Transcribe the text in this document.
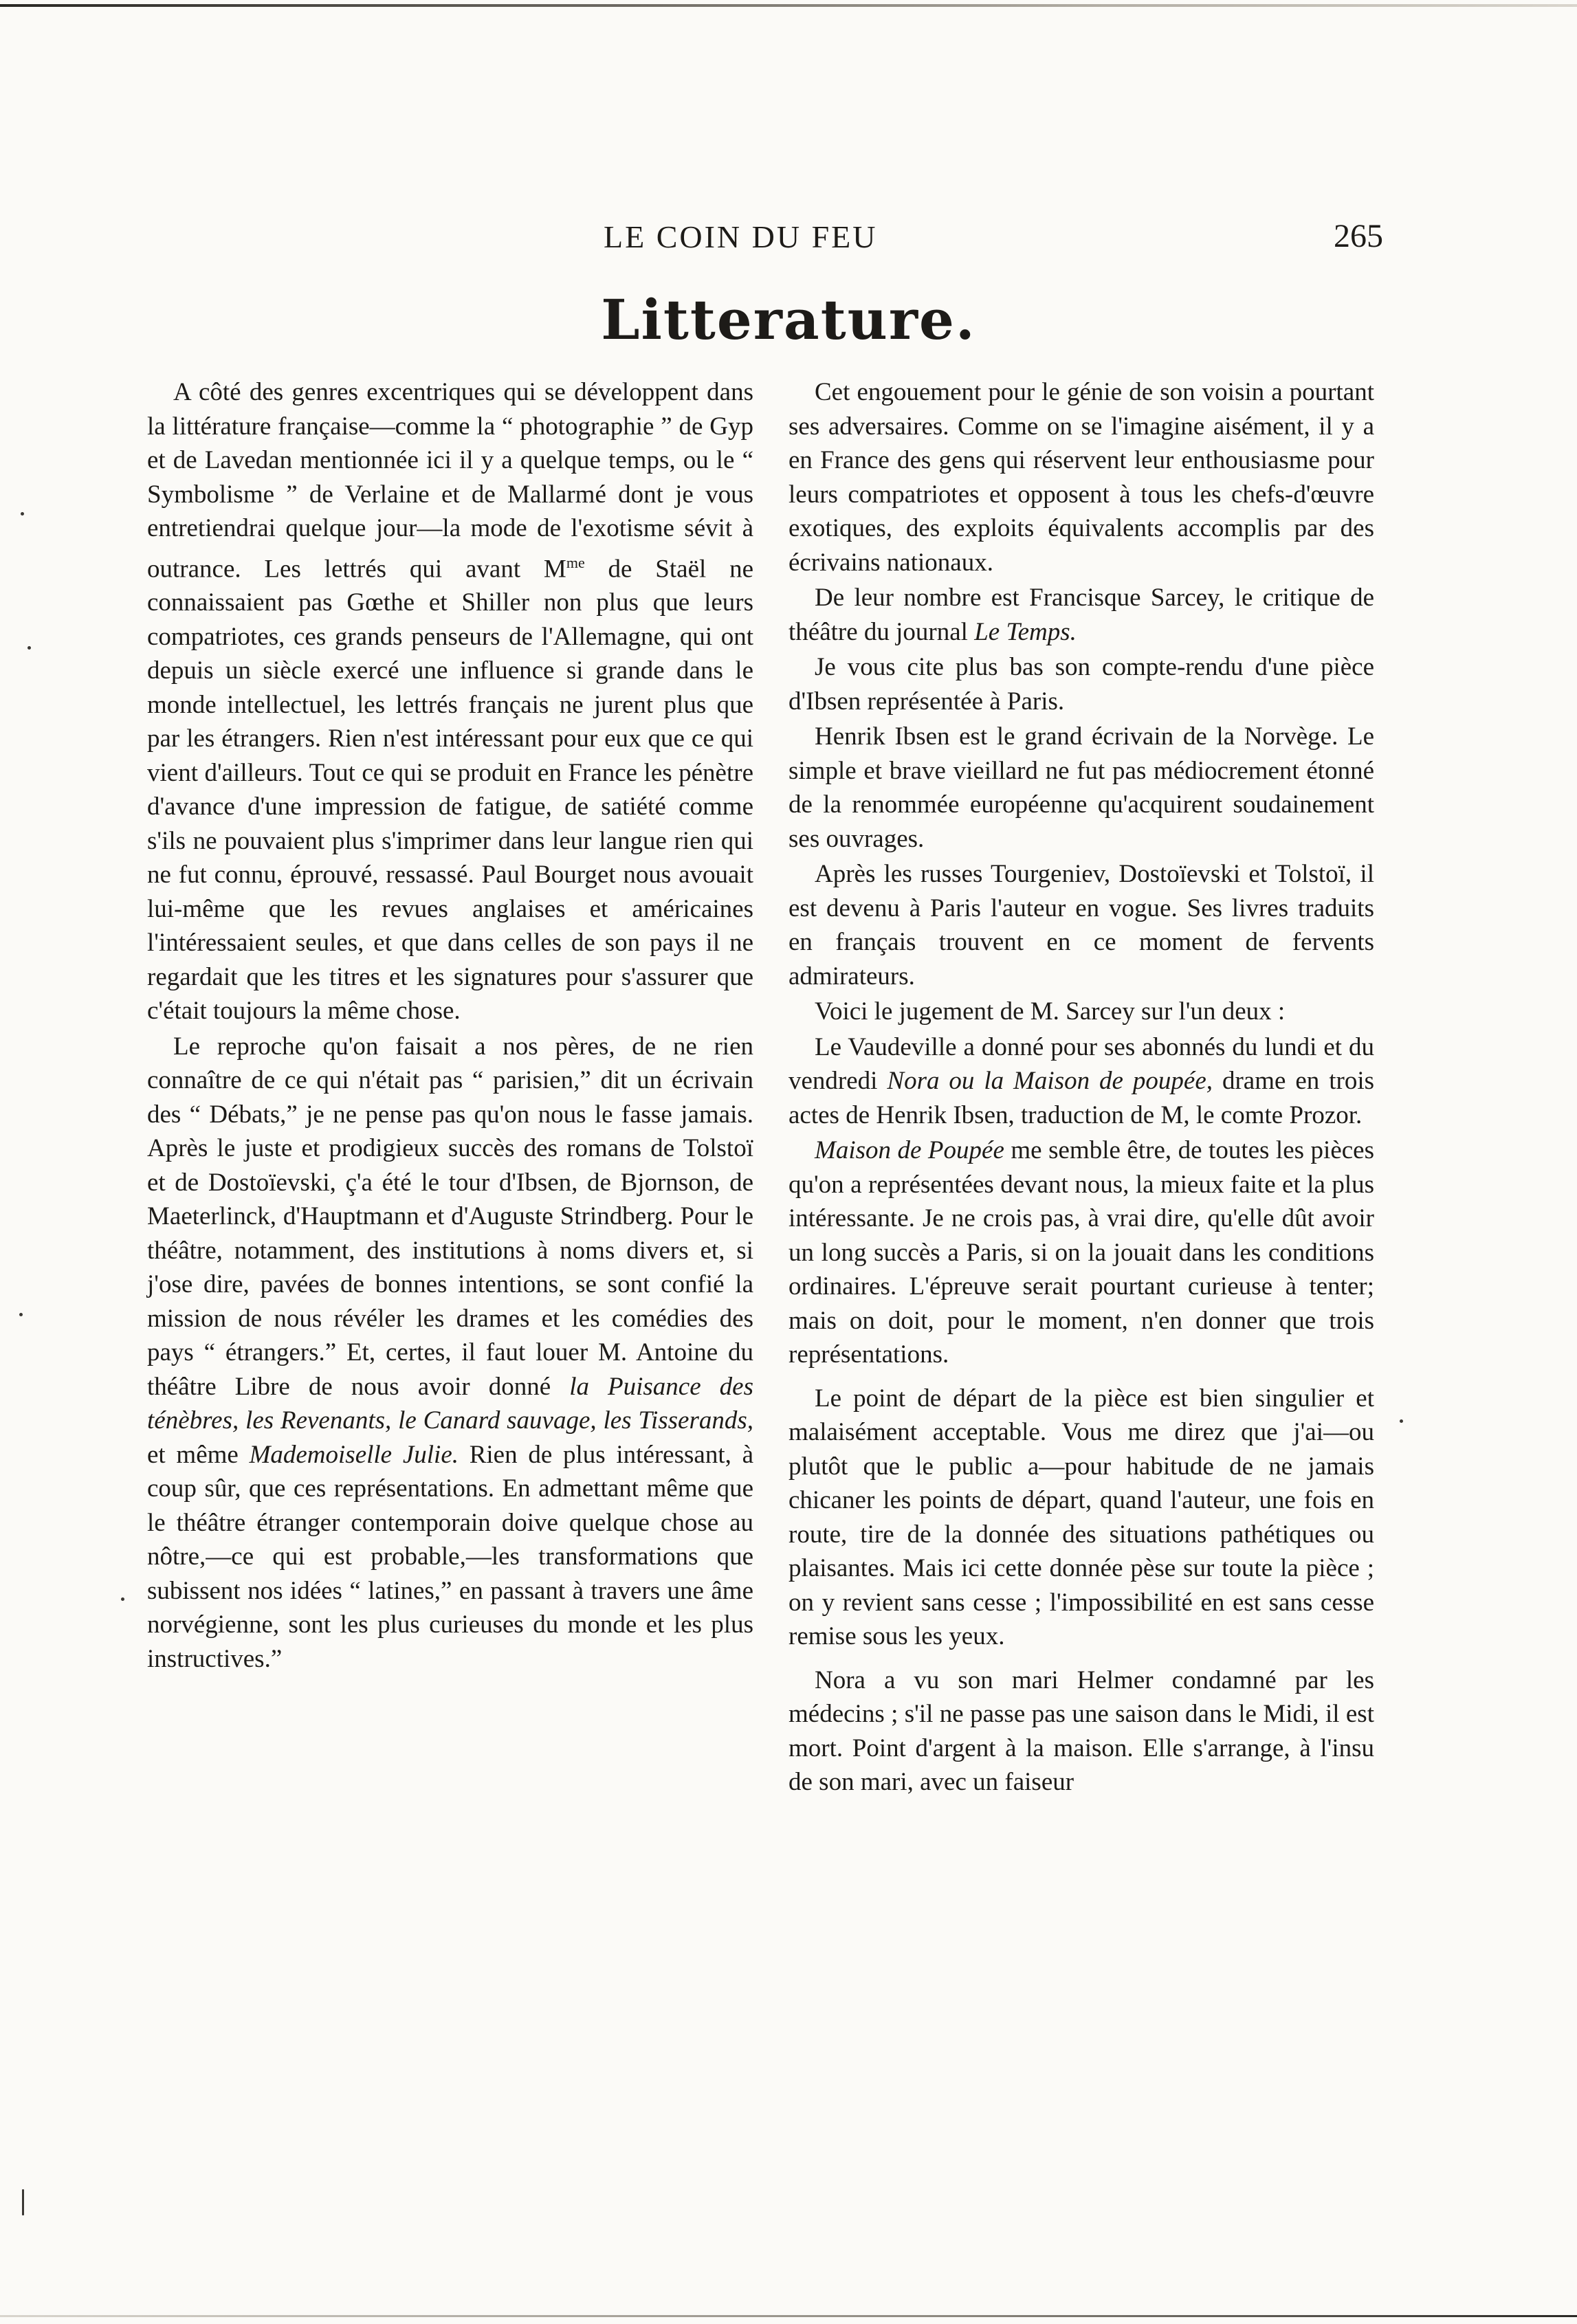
LE COIN DU FEU	265
Litterature.

A côté des genres excentriques qui se développent dans la littérature française—comme la “ photographie ” de Gyp et de Lavedan mentionnée ici il y a quelque temps, ou le “ Symbolisme ” de Verlaine et de Mallarmé dont je vous entretiendrai quelque jour—la mode de l'exotisme sévit à outrance. Les lettrés qui avant $M^{me}$ de Staël ne connaissaient pas Gœthe et Shiller non plus que leurs compatriotes, ces grands penseurs de l'Allemagne, qui ont depuis un siècle exercé une influence si grande dans le monde intellectuel, les lettrés français ne jurent plus que par les étrangers. Rien n'est intéressant pour eux que ce qui vient d'ailleurs. Tout ce qui se produit en France les pénètre d'avance d'une impression de fatigue, de satiété comme s'ils ne pouvaient plus s'imprimer dans leur langue rien qui ne fut connu, éprouvé, ressassé. Paul Bourget nous avouait lui-même que les revues anglaises et américaines l'intéressaient seules, et que dans celles de son pays il ne regardait que les titres et les signatures pour s'assurer que c'était toujours la même chose.

Le reproche qu'on faisait a nos pères, de ne rien connaître de ce qui n'était pas “ parisien,” dit un écrivain des “ Débats,” je ne pense pas qu'on nous le fasse jamais. Après le juste et prodigieux succès des romans de Tolstoï et de Dostoïevski, ç'a été le tour d'Ibsen, de Bjornson, de Maeterlinck, d'Hauptmann et d'Auguste Strindberg. Pour le théâtre, notamment, des institutions à noms divers et, si j'ose dire, pavées de bonnes intentions, se sont confié la mission de nous révéler les drames et les comédies des pays “ étrangers.” Et, certes, il faut louer M. Antoine du théâtre Libre de nous avoir donné la Puisance des ténèbres, les Revenants, le Canard sauvage, les Tisserands, et même Mademoiselle Julie. Rien de plus intéressant, à coup sûr, que ces représentations. En admettant même que le théâtre étranger contemporain doive quelque chose au nôtre,—ce qui est probable,—les transformations que subissent nos idées “ latines,” en passant à travers une âme norvégienne, sont les plus curieuses du monde et les plus instructives.”

Cet engouement pour le génie de son voisin a pourtant ses adversaires. Comme on se l'imagine aisément, il y a en France des gens qui réservent leur enthousiasme pour leurs compatriotes et opposent à tous les chefs-d'œuvre exotiques, des exploits équivalents accomplis par des écrivains nationaux.

De leur nombre est Francisque Sarcey, le critique de théâtre du journal Le Temps.

Je vous cite plus bas son compte-rendu d'une pièce d'Ibsen représentée à Paris.

Henrik Ibsen est le grand écrivain de la Norvège. Le simple et brave vieillard ne fut pas médiocrement étonné de la renommée européenne qu'acquirent soudainement ses ouvrages.

Après les russes Tourgeniev, Dostoïevski et Tolstoï, il est devenu à Paris l'auteur en vogue. Ses livres traduits en français trouvent en ce moment de fervents admirateurs.

Voici le jugement de M. Sarcey sur l'un deux :

Le Vaudeville a donné pour ses abonnés du lundi et du vendredi Nora ou la Maison de poupée, drame en trois actes de Henrik Ibsen, traduction de M, le comte Prozor.

Maison de Poupée me semble être, de toutes les pièces qu'on a représentées devant nous, la mieux faite et la plus intéressante. Je ne crois pas, à vrai dire, qu'elle dût avoir un long succès a Paris, si on la jouait dans les conditions ordinaires. L'épreuve serait pourtant curieuse à tenter; mais on doit, pour le moment, n'en donner que trois représentations.

Le point de départ de la pièce est bien singulier et malaisément acceptable. Vous me direz que j'ai—ou plutôt que le public a—pour habitude de ne jamais chicaner les points de départ, quand l'auteur, une fois en route, tire de la donnée des situations pathétiques ou plaisantes. Mais ici cette donnée pèse sur toute la pièce ; on y revient sans cesse ; l'impossibilité en est sans cesse remise sous les yeux.

Nora a vu son mari Helmer condamné par les médecins ; s'il ne passe pas une saison dans le Midi, il est mort. Point d'argent à la maison. Elle s'arrange, à l'insu de son mari, avec un faiseur
